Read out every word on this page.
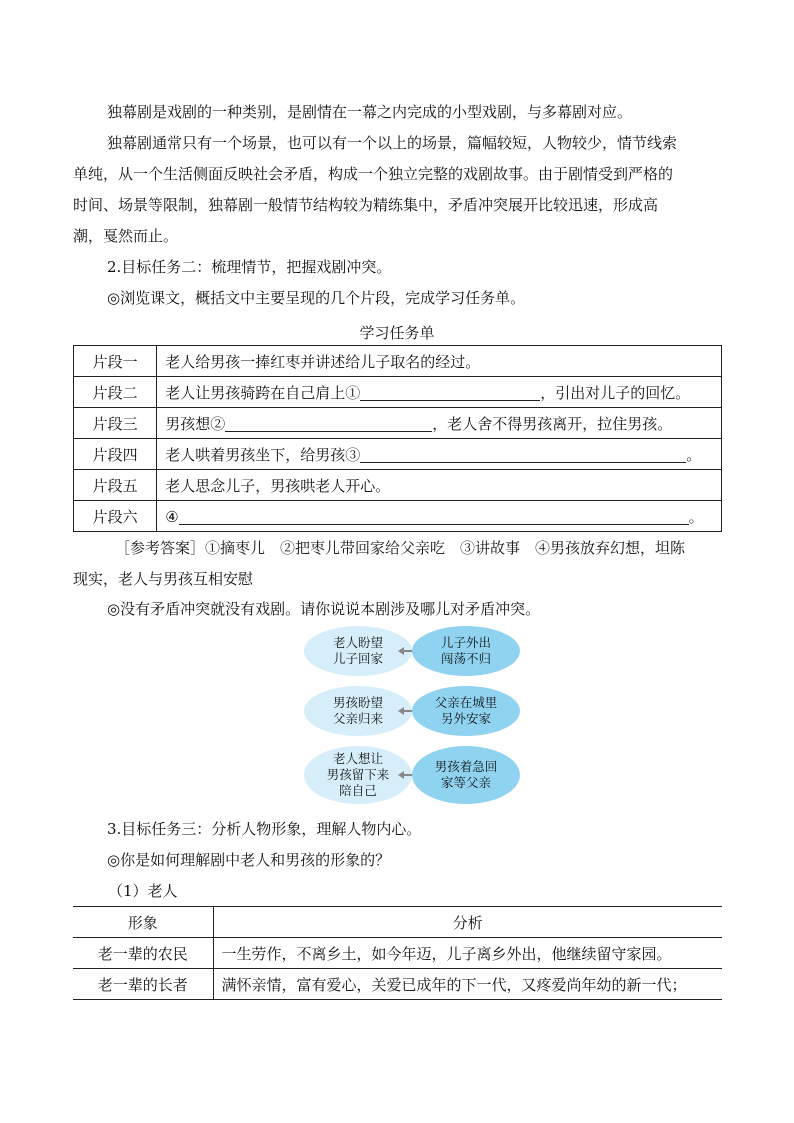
独幕剧是戏剧的一种类别，是剧情在一幕之内完成的小型戏剧，与多幕剧对应。
独幕剧通常只有一个场景，也可以有一个以上的场景，篇幅较短，人物较少，情节线索
单纯，从一个生活侧面反映社会矛盾，构成一个独立完整的戏剧故事。由于剧情受到严格的
时间、场景等限制，独幕剧一般情节结构较为精练集中，矛盾冲突展开比较迅速，形成高
潮，戛然而止。
2.目标任务二：梳理情节，把握戏剧冲突。
◎浏览课文，概括文中主要呈现的几个片段，完成学习任务单。
学习任务单
片段一	老人给男孩一捧红枣并讲述给儿子取名的经过。
片段二	老人让男孩骑跨在自己肩上① ，引出对儿子的回忆。
片段三	男孩想② ，老人舍不得男孩离开，拉住男孩。
片段四	老人哄着男孩坐下，给男孩③ 。
片段五	老人思念儿子，男孩哄老人开心。
片段六	④ 。
［参考答案］①摘枣儿　②把枣儿带回家给父亲吃　③讲故事　④男孩放弃幻想，坦陈
现实，老人与男孩互相安慰
◎没有矛盾冲突就没有戏剧。请你说说本剧涉及哪儿对矛盾冲突。
老人盼望
儿子回家
儿子外出
闯荡不归
男孩盼望
父亲归来
父亲在城里
另外安家
老人想让
男孩留下来
陪自己
男孩着急回
家等父亲
3.目标任务三：分析人物形象，理解人物内心。
◎你是如何理解剧中老人和男孩的形象的？
（1）老人
形象	分析
老一辈的农民	一生劳作，不离乡土，如今年迈，儿子离乡外出，他继续留守家园。
老一辈的长者	满怀亲情，富有爱心，关爱已成年的下一代，又疼爱尚年幼的新一代；
